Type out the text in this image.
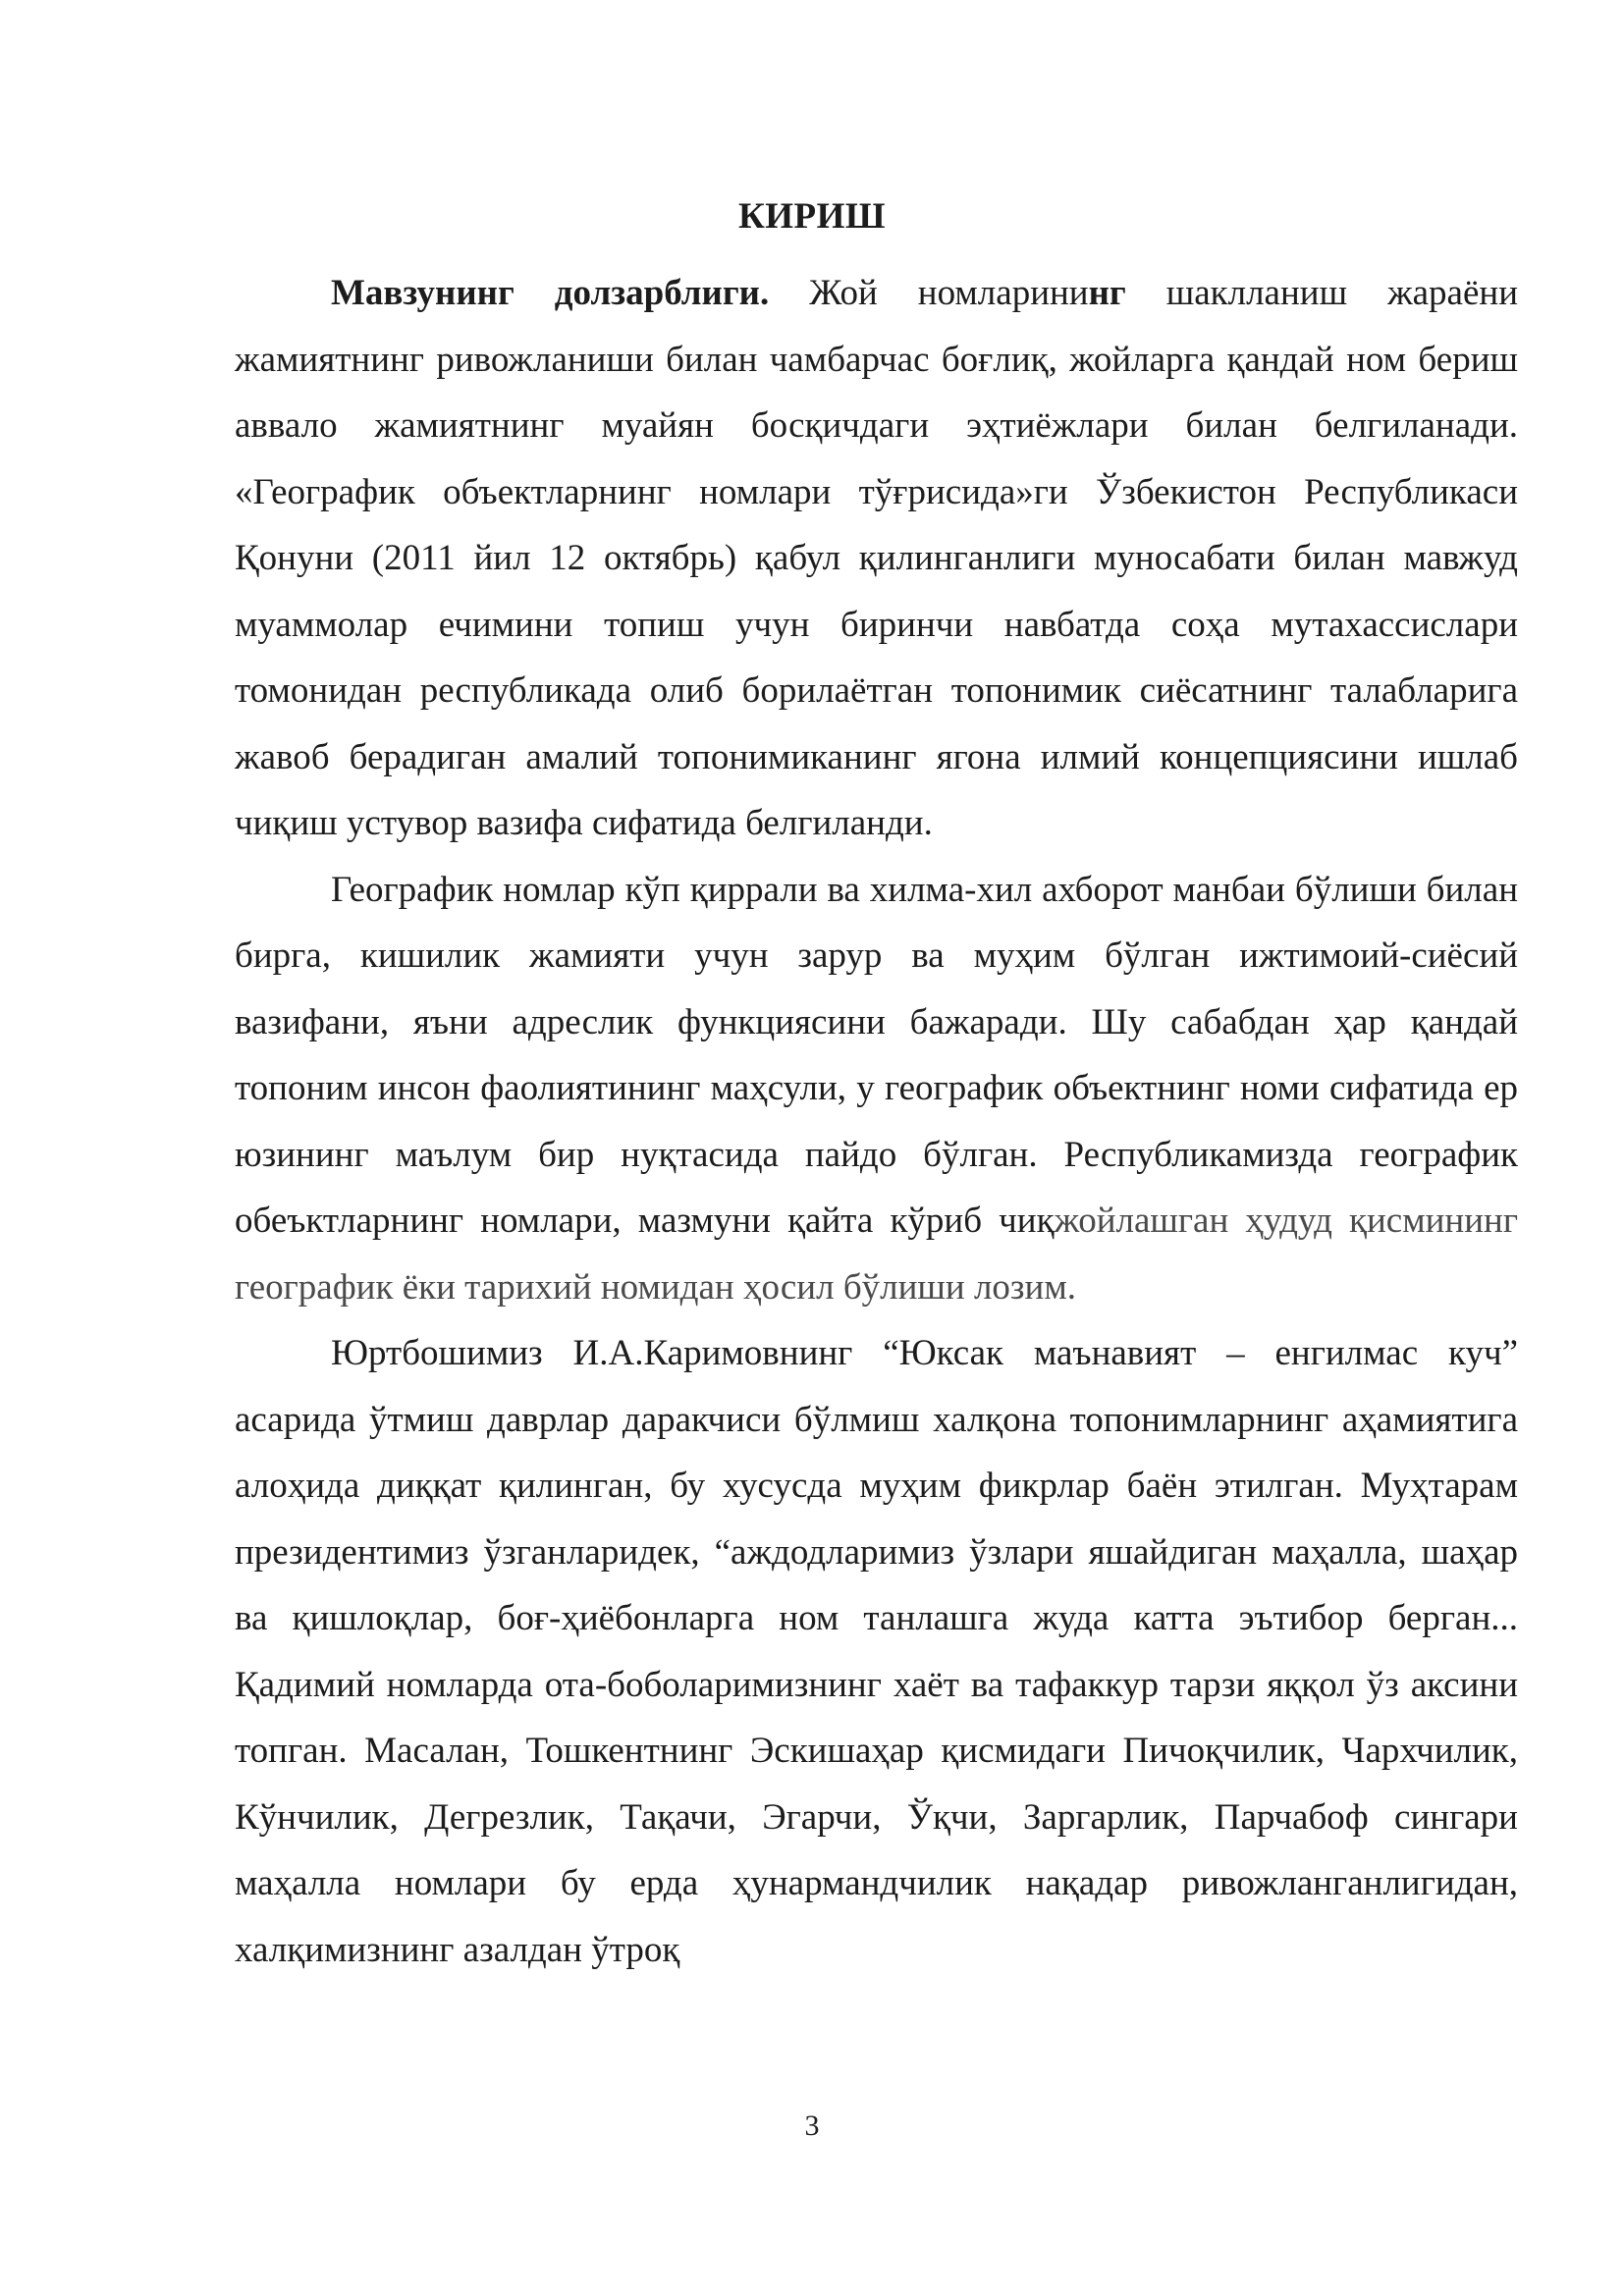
КИРИШ

Мавзунинг долзарблиги. Жой номларининг шаклланиш жараёни жамиятнинг ривожланиши билан чамбарчас боғлиқ, жойларга қандай ном бериш аввало жамиятнинг муайян босқичдаги эҳтиёжлари билан белгиланади. «Географик объектларнинг номлари тўғрисида»ги Ўзбекистон Республикаси Қонуни (2011 йил 12 октябрь) қабул қилинганлиги муносабати билан мавжуд муаммолар ечимини топиш учун биринчи навбатда соҳа мутахассислари томонидан республикада олиб борилаётган топонимик сиёсатнинг талабларига жавоб берадиган амалий топонимиканинг ягона илмий концепциясини ишлаб чиқиш устувор вазифа сифатида белгиланди.

Географик номлар кўп қиррали ва хилма-хил ахборот манбаи бўлиши билан бирга, кишилик жамияти учун зарур ва муҳим бўлган ижтимоий-сиёсий вазифани, яъни адреслик функциясини бажаради. Шу сабабдан ҳар қандай топоним инсон фаолиятининг маҳсули, у географик объектнинг номи сифатида ер юзининг маълум бир нуқтасида пайдо бўлган. Республикамизда географик обеъктларнинг номлари, мазмуни қайта кўриб чиқжойлашган ҳудуд қисмининг географик ёки тарихий номидан ҳосил бўлиши лозим.

Юртбошимиз И.А.Каримовнинг “Юксак маънавият – енгилмас куч” асарида ўтмиш даврлар даракчиси бўлмиш халқона топонимларнинг аҳамиятига алоҳида диққат қилинган, бу хусусда муҳим фикрлар баён этилган. Муҳтарам президентимиз ўзганларидек, “аждодларимиз ўзлари яшайдиган маҳалла, шаҳар ва қишлоқлар, боғ-ҳиёбонларга ном танлашга жуда катта эътибор берган... Қадимий номларда ота-боболаримизнинг хаёт ва тафаккур тарзи яққол ўз аксини топган. Масалан, Тошкентнинг Эскишаҳар қисмидаги Пичоқчилик, Чархчилик, Кўнчилик, Дегрезлик, Тақачи, Эгарчи, Ўқчи, Заргарлик, Парчабоф сингари маҳалла номлари бу ерда ҳунармандчилик нақадар ривожланганлигидан, халқимизнинг азалдан ўтроқ

3
